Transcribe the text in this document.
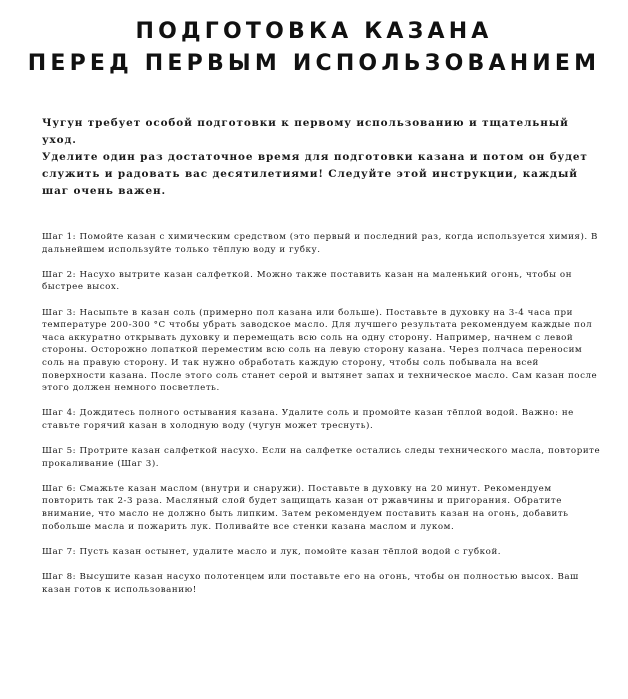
ПОДГОТОВКА КАЗАНА
ПЕРЕД ПЕРВЫМ ИСПОЛЬЗОВАНИЕМ

Чугун требует особой подготовки к первому использованию и тщательный уход.

Уделите один раз достаточное время для подготовки казана и потом он будет служить и радовать вас десятилетиями! Следуйте этой инструкции, каждый шаг очень важен.

Шаг 1: Помойте казан с химическим средством (это первый и последний раз, когда используется химия). В дальнейшем используйте только тёплую воду и губку.

Шаг 2: Насухо вытрите казан салфеткой. Можно также поставить казан на маленький огонь, чтобы он быстрее высох.

Шаг 3: Насыпьте в казан соль (примерно пол казана или больше). Поставьте в духовку на 3-4 часа при температуре 200-300 °С чтобы убрать заводское масло. Для лучшего результата рекомендуем каждые пол часа аккуратно открывать духовку и перемещать всю соль на одну сторону. Например, начнем с левой стороны. Осторожно лопаткой переместим всю соль на левую сторону казана. Через полчаса переносим соль на правую сторону. И так нужно обработать каждую сторону, чтобы соль побывала на всей поверхности казана. После этого соль станет серой и вытянет запах и техническое масло. Сам казан после этого должен немного посветлеть.

Шаг 4: Дождитесь полного остывания казана. Удалите соль и промойте казан тёплой водой. Важно: не ставьте горячий казан в холодную воду (чугун может треснуть).

Шаг 5: Протрите казан салфеткой насухо. Если на салфетке остались следы технического масла, повторите прокаливание (Шаг 3).

Шаг 6: Смажьте казан маслом (внутри и снаружи). Поставьте в духовку на 20 минут. Рекомендуем повторить так 2-3 раза. Масляный слой будет защищать казан от ржавчины и пригорания. Обратите внимание, что масло не должно быть липким. Затем рекомендуем поставить казан на огонь, добавить побольше масла и пожарить лук. Поливайте все стенки казана маслом и луком.

Шаг 7: Пусть казан остынет, удалите масло и лук, помойте казан тёплой водой с губкой.

Шаг 8: Высушите казан насухо полотенцем или поставьте его на огонь, чтобы он полностью высох. Ваш казан готов к использованию!
